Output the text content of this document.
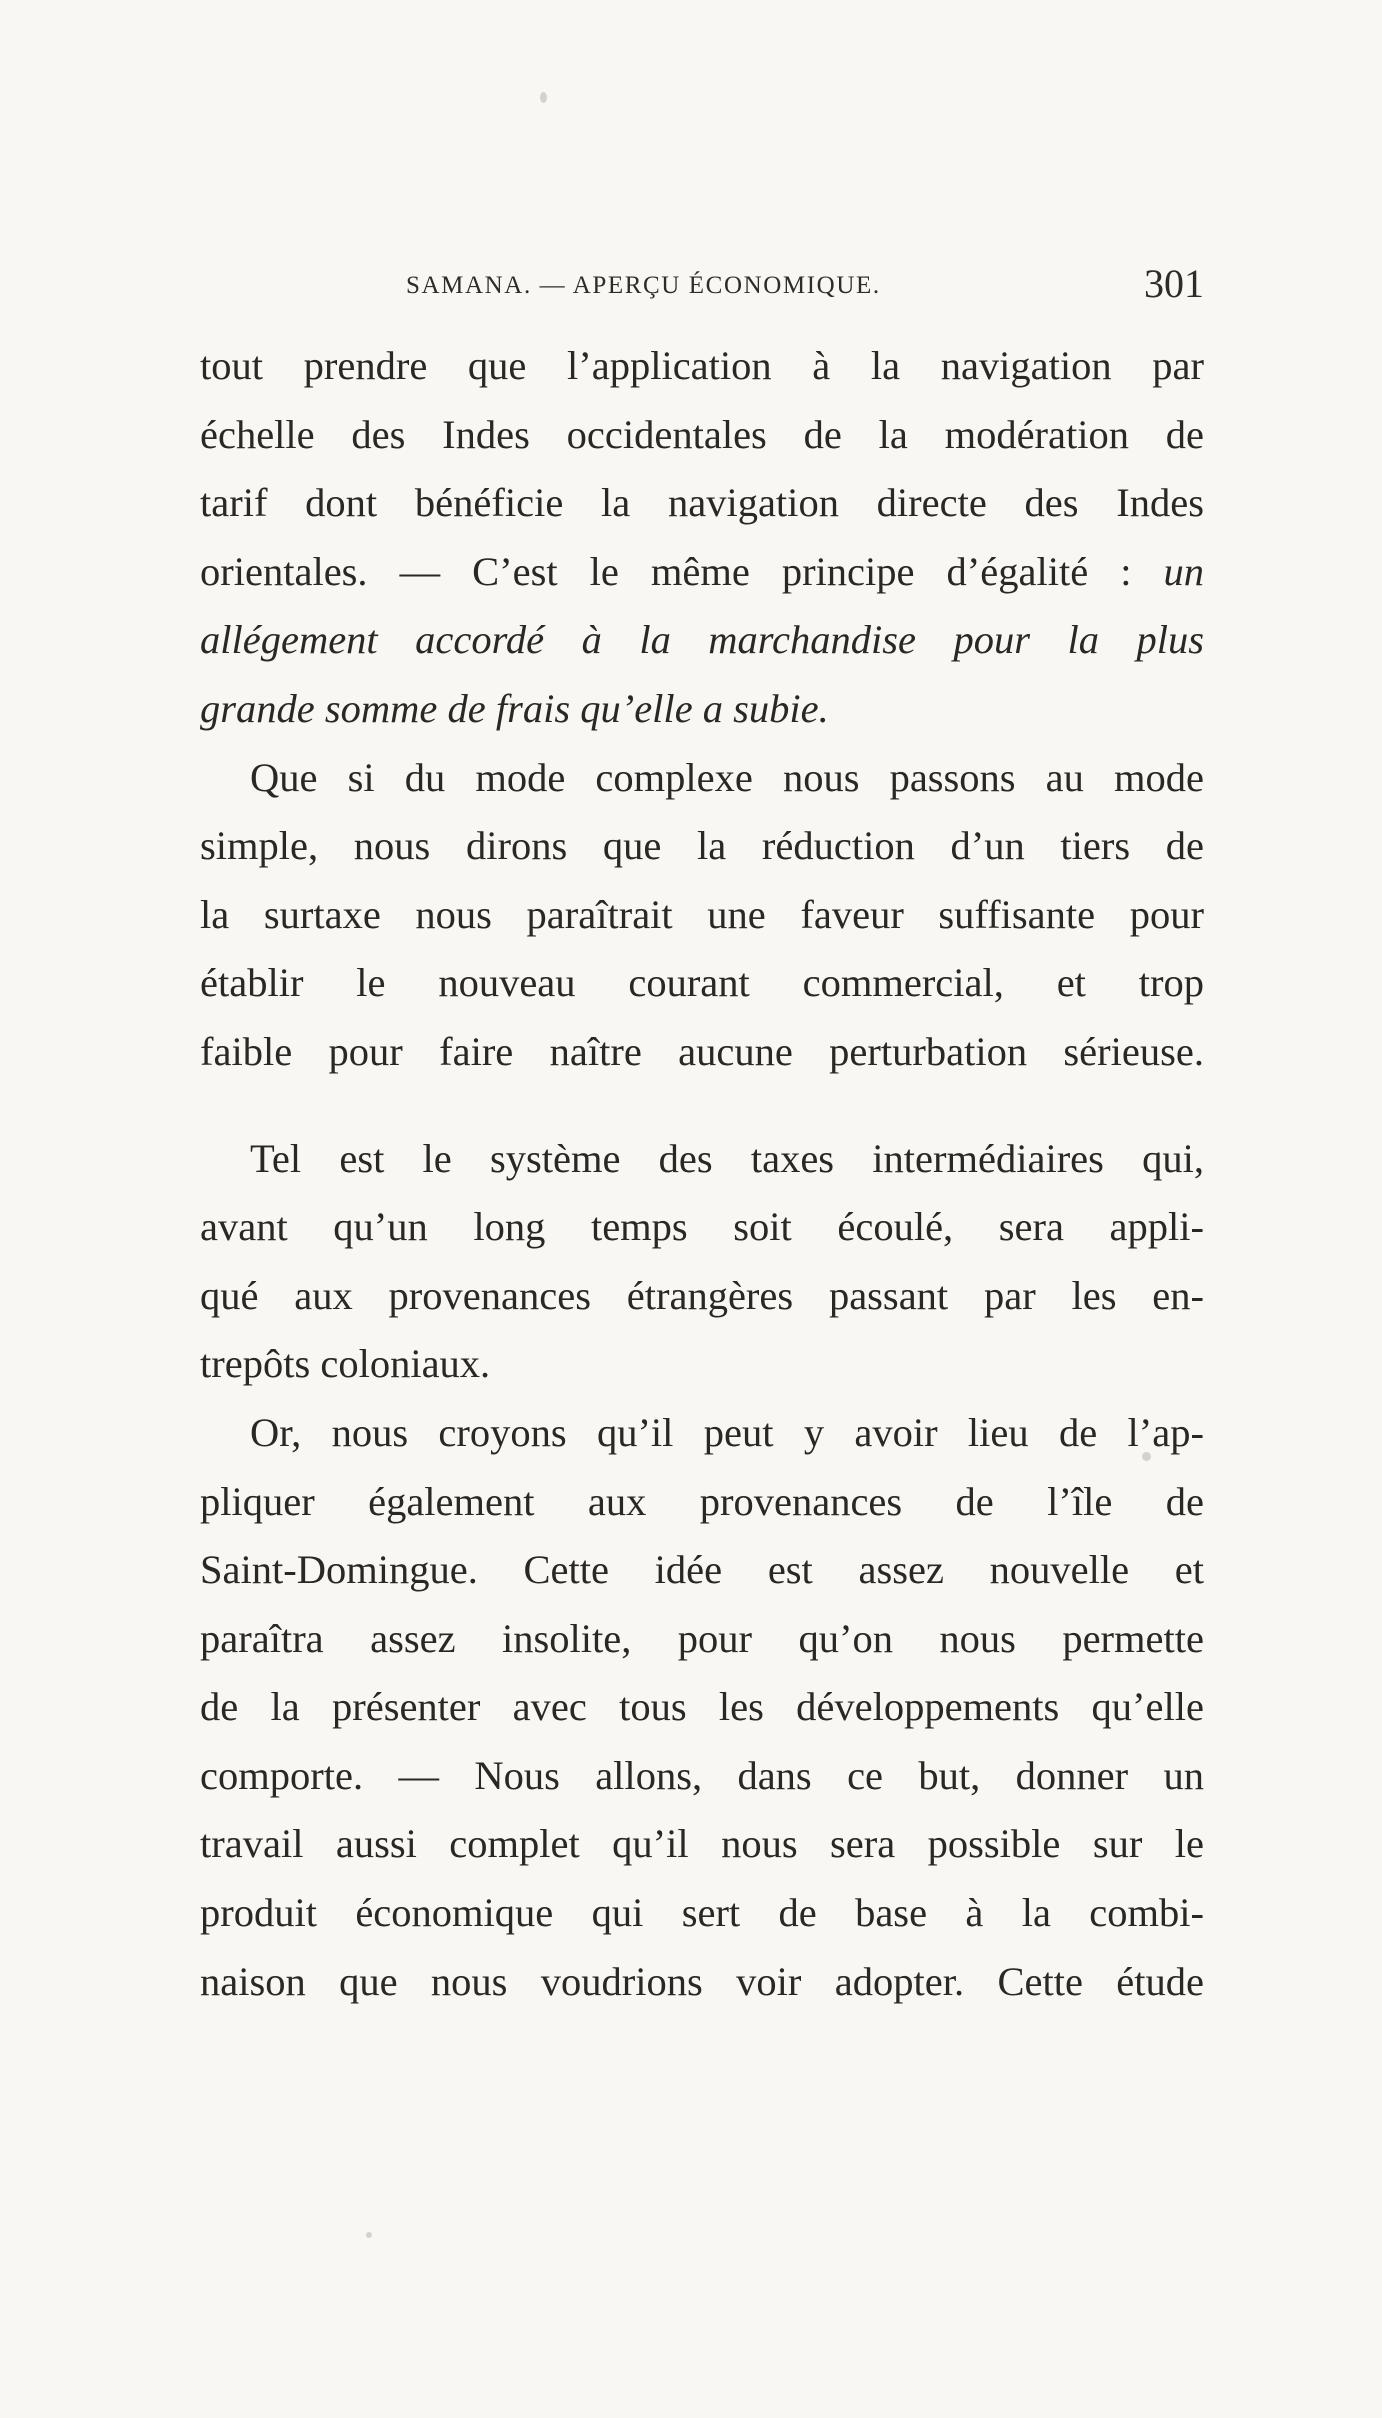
SAMANA. — APERÇU ÉCONOMIQUE.	301
tout prendre que l’application à la navigation par
échelle des Indes occidentales de la modération de
tarif dont bénéficie la navigation directe des Indes
orientales. — C’est le même principe d’égalité : un
allégement accordé à la marchandise pour la plus
grande somme de frais qu’elle a subie.
Que si du mode complexe nous passons au mode
simple, nous dirons que la réduction d’un tiers de
la surtaxe nous paraîtrait une faveur suffisante pour
établir le nouveau courant commercial, et trop
faible pour faire naître aucune perturbation sérieuse.
Tel est le système des taxes intermédiaires qui,
avant qu’un long temps soit écoulé, sera appli-
qué aux provenances étrangères passant par les en-
trepôts coloniaux.
Or, nous croyons qu’il peut y avoir lieu de l’ap-
pliquer également aux provenances de l’île de
Saint-Domingue. Cette idée est assez nouvelle et
paraîtra assez insolite, pour qu’on nous permette
de la présenter avec tous les développements qu’elle
comporte. — Nous allons, dans ce but, donner un
travail aussi complet qu’il nous sera possible sur le
produit économique qui sert de base à la combi-
naison que nous voudrions voir adopter. Cette étude
